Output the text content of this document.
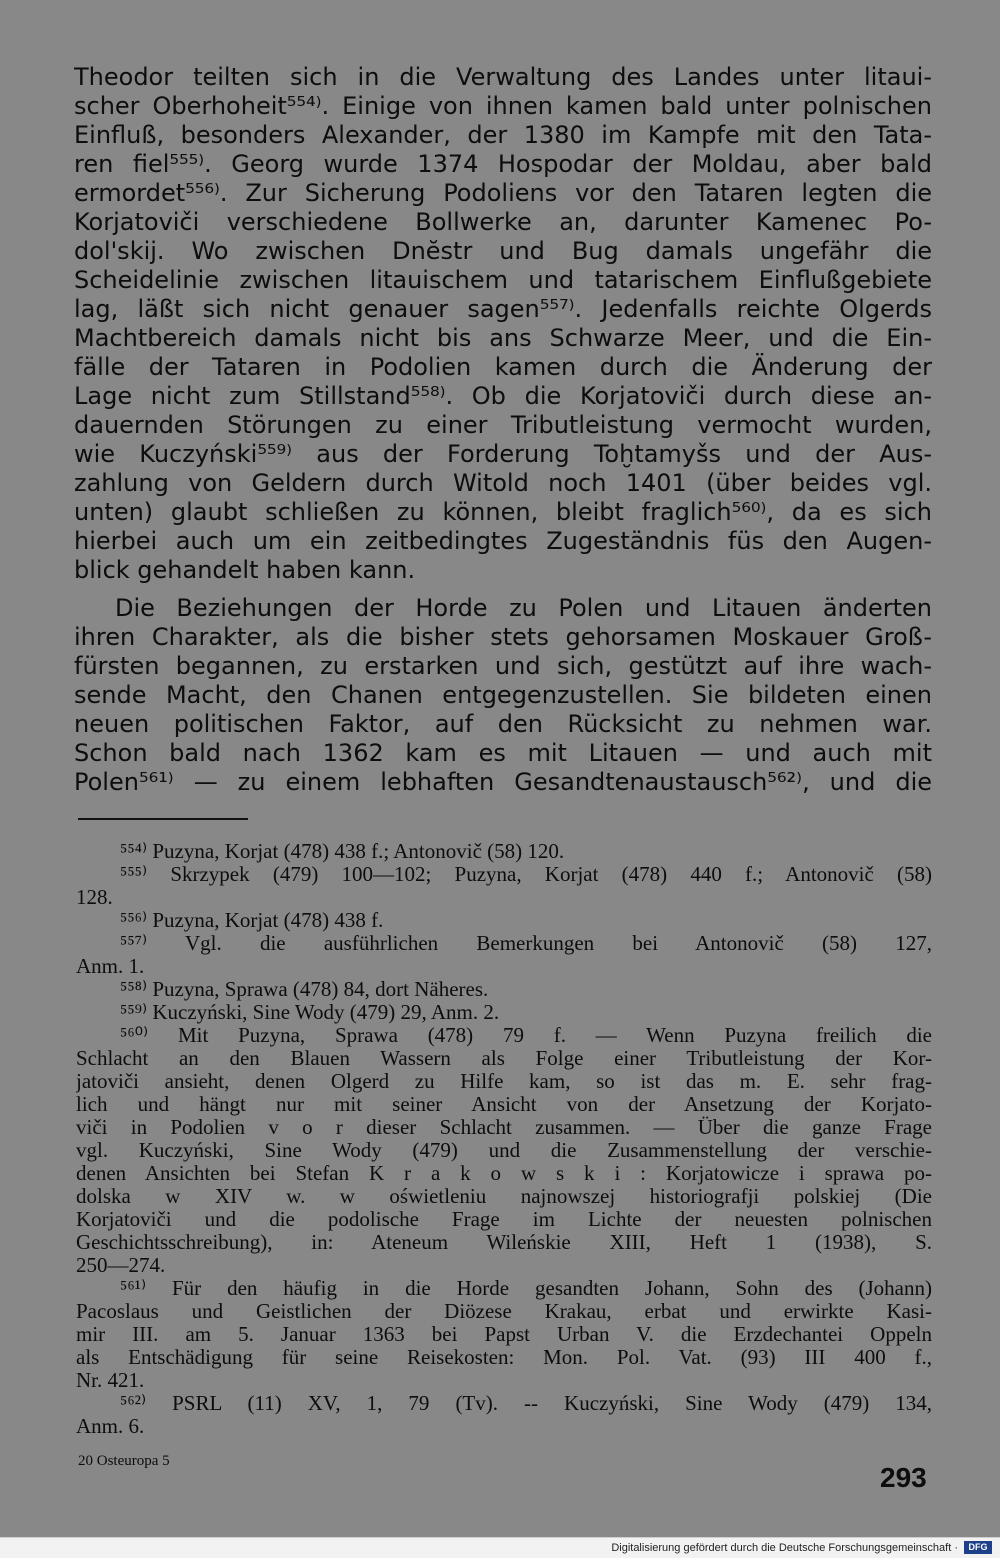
Theodor teilten sich in die Verwaltung des Landes unter litaui-
scher Oberhoheit⁵⁵⁴⁾. Einige von ihnen kamen bald unter polnischen
Einfluß, besonders Alexander, der 1380 im Kampfe mit den Tata-
ren fiel⁵⁵⁵⁾. Georg wurde 1374 Hospodar der Moldau, aber bald
ermordet⁵⁵⁶⁾. Zur Sicherung Podoliens vor den Tataren legten die
Korjatoviči verschiedene Bollwerke an, darunter Kamenec Po-
dol'skij. Wo zwischen Dnĕstr und Bug damals ungefähr die
Scheidelinie zwischen litauischem und tatarischem Einflußgebiete
lag, läßt sich nicht genauer sagen⁵⁵⁷⁾. Jedenfalls reichte Olgerds
Machtbereich damals nicht bis ans Schwarze Meer, und die Ein-
fälle der Tataren in Podolien kamen durch die Änderung der
Lage nicht zum Stillstand⁵⁵⁸⁾. Ob die Korjatoviči durch diese an-
dauernden Störungen zu einer Tributleistung vermocht wurden,
wie Kuczyński⁵⁵⁹⁾ aus der Forderung Toḫtamyšs und der Aus-
zahlung von Geldern durch Witold noch 1401 (über beides vgl.
unten) glaubt schließen zu können, bleibt fraglich⁵⁶⁰⁾, da es sich
hierbei auch um ein zeitbedingtes Zugeständnis füs den Augen-
blick gehandelt haben kann.
Die Beziehungen der Horde zu Polen und Litauen änderten
ihren Charakter, als die bisher stets gehorsamen Moskauer Groß-
fürsten begannen, zu erstarken und sich, gestützt auf ihre wach-
sende Macht, den Chanen entgegenzustellen. Sie bildeten einen
neuen politischen Faktor, auf den Rücksicht zu nehmen war.
Schon bald nach 1362 kam es mit Litauen — und auch mit
Polen⁵⁶¹⁾ — zu einem lebhaften Gesandtenaustausch⁵⁶²⁾, und die
⁵⁵⁴⁾ Puzyna, Korjat (478) 438 f.; Antonovič (58) 120.
⁵⁵⁵⁾ Skrzypek (479) 100—102; Puzyna, Korjat (478) 440 f.; Antonovič (58)
128.
⁵⁵⁶⁾ Puzyna, Korjat (478) 438 f.
⁵⁵⁷⁾ Vgl. die ausführlichen Bemerkungen bei Antonovič (58) 127,
Anm. 1.
⁵⁵⁸⁾ Puzyna, Sprawa (478) 84, dort Näheres.
⁵⁵⁹⁾ Kuczyński, Sine Wody (479) 29, Anm. 2.
⁵⁶⁰⁾ Mit Puzyna, Sprawa (478) 79 f. — Wenn Puzyna freilich die
Schlacht an den Blauen Wassern als Folge einer Tributleistung der Kor-
jatoviči ansieht, denen Olgerd zu Hilfe kam, so ist das m. E. sehr frag-
lich und hängt nur mit seiner Ansicht von der Ansetzung der Korjato-
viči in Podolien v o r dieser Schlacht zusammen. — Über die ganze Frage
vgl. Kuczyński, Sine Wody (479) und die Zusammenstellung der verschie-
denen Ansichten bei Stefan K r a k o w s k i : Korjatowicze i sprawa po-
dolska w XIV w. w oświetleniu najnowszej historiografji polskiej (Die
Korjatoviči und die podolische Frage im Lichte der neuesten polnischen
Geschichtsschreibung), in: Ateneum Wileńskie XIII, Heft 1 (1938), S.
250—274.
⁵⁶¹⁾ Für den häufig in die Horde gesandten Johann, Sohn des (Johann)
Pacoslaus und Geistlichen der Diözese Krakau, erbat und erwirkte Kasi-
mir III. am 5. Januar 1363 bei Papst Urban V. die Erzdechantei Oppeln
als Entschädigung für seine Reisekosten: Mon. Pol. Vat. (93) III 400 f.,
Nr. 421.
⁵⁶²⁾ PSRL (11) XV, 1, 79 (Tv). -- Kuczyński, Sine Wody (479) 134,
Anm. 6.
20 Osteuropa 5
293
Digitalisierung gefördert durch die Deutsche Forschungsgemeinschaft ·	DFG
